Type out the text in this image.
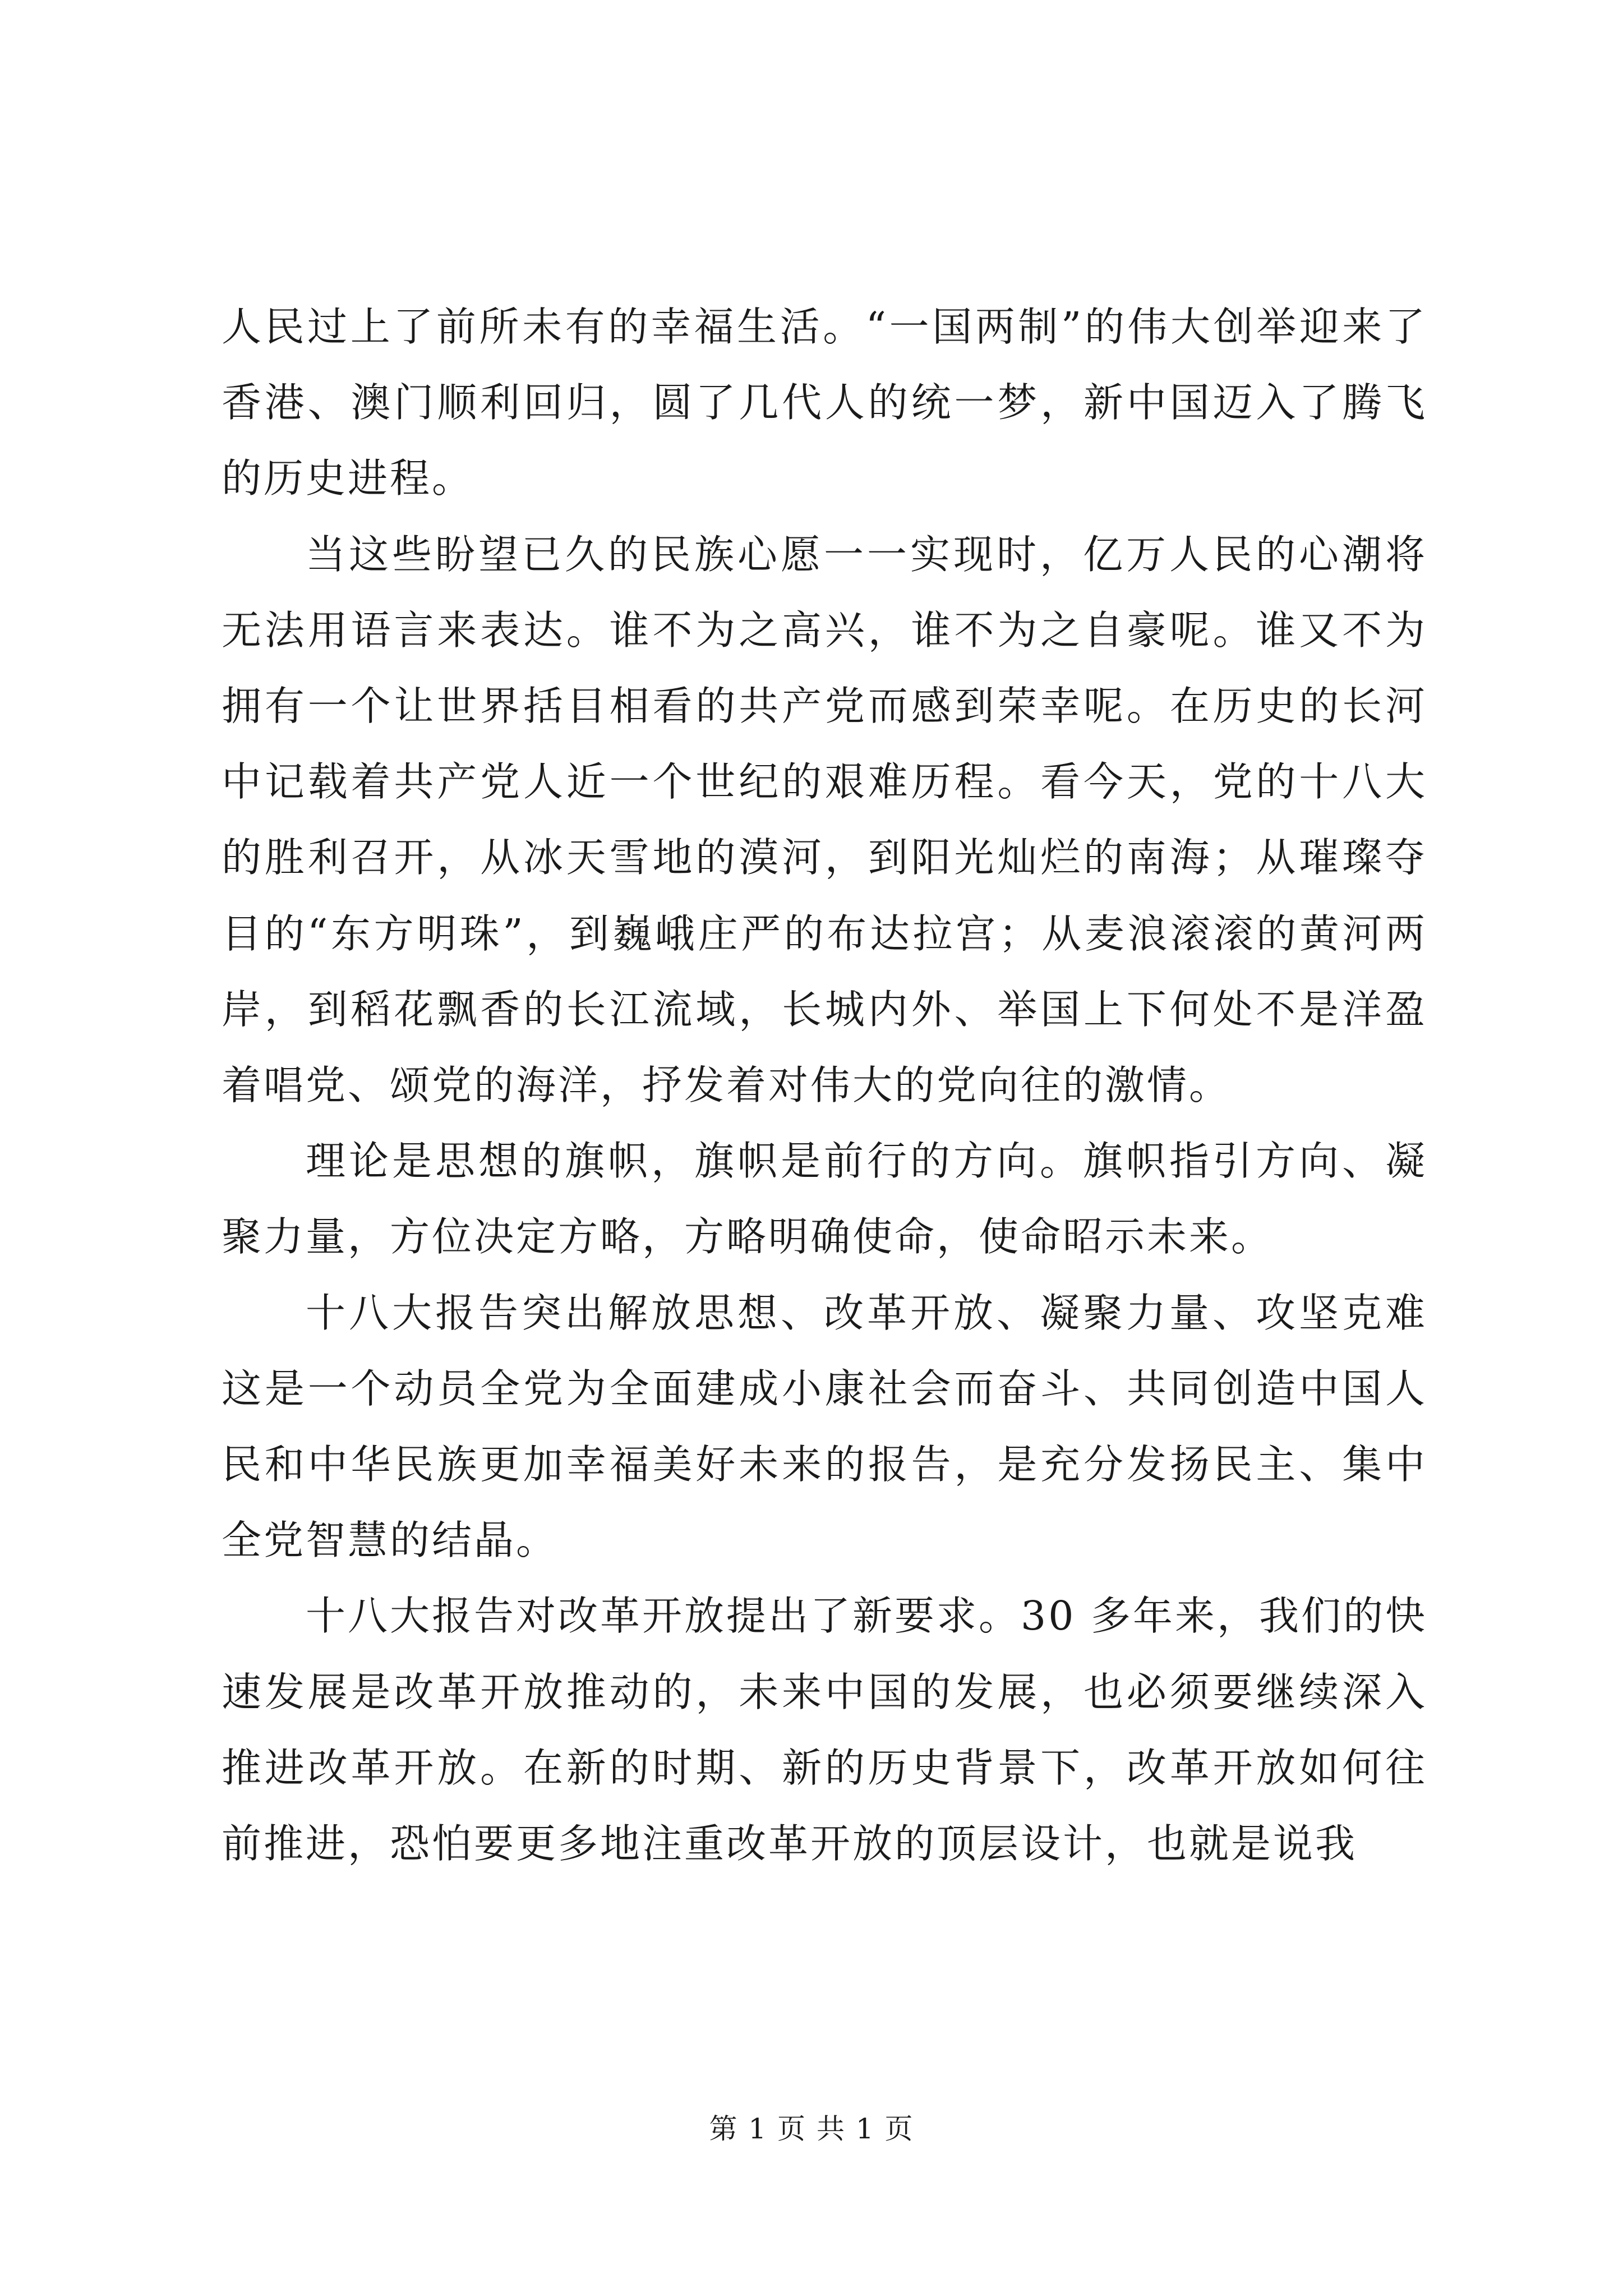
人民过上了前所未有的幸福生活。“一国两制”的伟大创举迎来了香港、澳门顺利回归，圆了几代人的统一梦，新中国迈入了腾飞的历史进程。

当这些盼望已久的民族心愿一一实现时，亿万人民的心潮将无法用语言来表达。谁不为之高兴，谁不为之自豪呢。谁又不为拥有一个让世界括目相看的共产党而感到荣幸呢。在历史的长河中记载着共产党人近一个世纪的艰难历程。看今天，党的十八大的胜利召开，从冰天雪地的漠河，到阳光灿烂的南海；从璀璨夺目的“东方明珠”，到巍峨庄严的布达拉宫；从麦浪滚滚的黄河两岸，到稻花飘香的长江流域，长城内外、举国上下何处不是洋盈着唱党、颂党的海洋，抒发着对伟大的党向往的激情。

理论是思想的旗帜，旗帜是前行的方向。旗帜指引方向、凝聚力量，方位决定方略，方略明确使命，使命昭示未来。

十八大报告突出解放思想、改革开放、凝聚力量、攻坚克难这是一个动员全党为全面建成小康社会而奋斗、共同创造中国人民和中华民族更加幸福美好未来的报告，是充分发扬民主、集中全党智慧的结晶。

十八大报告对改革开放提出了新要求。30 多年来，我们的快速发展是改革开放推动的，未来中国的发展，也必须要继续深入推进改革开放。在新的时期、新的历史背景下，改革开放如何往前推进，恐怕要更多地注重改革开放的顶层设计，也就是说我

第 1 页 共 1 页
